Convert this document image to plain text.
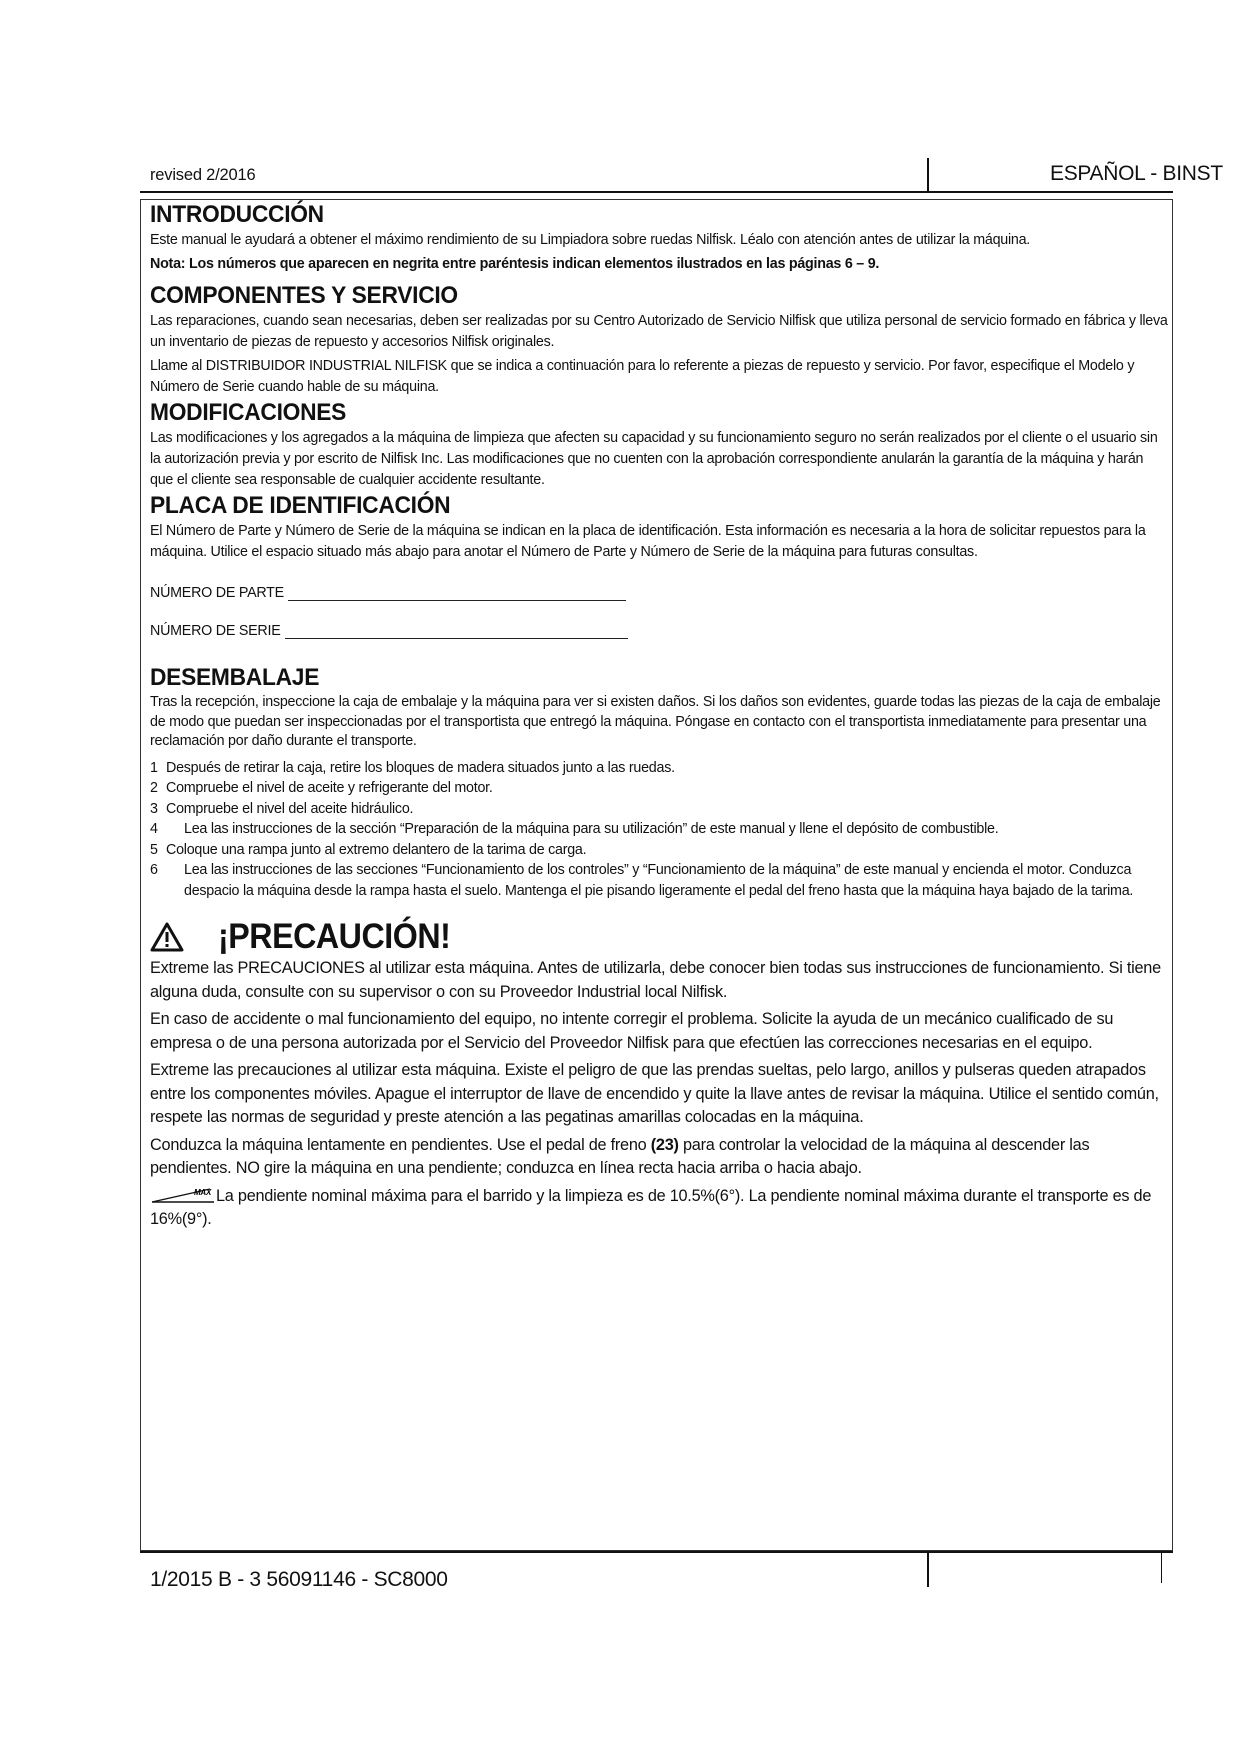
revised 2/2016	ESPAÑOL - BINST
INTRODUCCIÓN

Este manual le ayudará a obtener el máximo rendimiento de su Limpiadora sobre ruedas Nilfisk. Léalo con atención antes de utilizar la máquina.

Nota: Los números que aparecen en negrita entre paréntesis indican elementos ilustrados en las páginas 6 – 9.

COMPONENTES Y SERVICIO

Las reparaciones, cuando sean necesarias, deben ser realizadas por su Centro Autorizado de Servicio Nilfisk que utiliza personal de servicio formado en fábrica y lleva un inventario de piezas de repuesto y accesorios Nilfisk originales.

Llame al DISTRIBUIDOR INDUSTRIAL NILFISK que se indica a continuación para lo referente a piezas de repuesto y servicio. Por favor, especifique el Modelo y Número de Serie cuando hable de su máquina.

MODIFICACIONES

Las modificaciones y los agregados a la máquina de limpieza que afecten su capacidad y su funcionamiento seguro no serán realizados por el cliente o el usuario sin la autorización previa y por escrito de Nilfisk Inc. Las modificaciones que no cuenten con la aprobación correspondiente anularán la garantía de la máquina y harán que el cliente sea responsable de cualquier accidente resultante.

PLACA DE IDENTIFICACIÓN

El Número de Parte y Número de Serie de la máquina se indican en la placa de identificación. Esta información es necesaria a la hora de solicitar repuestos para la máquina. Utilice el espacio situado más abajo para anotar el Número de Parte y Número de Serie de la máquina para futuras consultas.

NÚMERO DE PARTE
NÚMERO DE SERIE
DESEMBALAJE

Tras la recepción, inspeccione la caja de embalaje y la máquina para ver si existen daños. Si los daños son evidentes, guarde todas las piezas de la caja de embalaje de modo que puedan ser inspeccionadas por el transportista que entregó la máquina. Póngase en contacto con el transportista inmediatamente para presentar una reclamación por daño durante el transporte.

1 Después de retirar la caja, retire los bloques de madera situados junto a las ruedas.
2 Compruebe el nivel de aceite y refrigerante del motor.
3 Compruebe el nivel del aceite hidráulico.
4	Lea las instrucciones de la sección “Preparación de la máquina para su utilización” de este manual y llene el depósito de combustible.
5 Coloque una rampa junto al extremo delantero de la tarima de carga.
6	Lea las instrucciones de las secciones “Funcionamiento de los controles” y “Funcionamiento de la máquina” de este manual y encienda el motor. Conduzca despacio la máquina desde la rampa hasta el suelo. Mantenga el pie pisando ligeramente el pedal del freno hasta que la máquina haya bajado de la tarima.
¡PRECAUCIÓN!

Extreme las PRECAUCIONES al utilizar esta máquina. Antes de utilizarla, debe conocer bien todas sus instrucciones de funcionamiento. Si tiene alguna duda, consulte con su supervisor o con su Proveedor Industrial local Nilfisk.

En caso de accidente o mal funcionamiento del equipo, no intente corregir el problema. Solicite la ayuda de un mecánico cualificado de su empresa o de una persona autorizada por el Servicio del Proveedor Nilfisk para que efectúen las correcciones necesarias en el equipo.

Extreme las precauciones al utilizar esta máquina. Existe el peligro de que las prendas sueltas, pelo largo, anillos y pulseras queden atrapados entre los componentes móviles. Apague el interruptor de llave de encendido y quite la llave antes de revisar la máquina. Utilice el sentido común, respete las normas de seguridad y preste atención a las pegatinas amarillas colocadas en la máquina.

Conduzca la máquina lentamente en pendientes. Use el pedal de freno (23) para controlar la velocidad de la máquina al descender las pendientes. NO gire la máquina en una pendiente; conduzca en línea recta hacia arriba o hacia abajo.

MAX La pendiente nominal máxima para el barrido y la limpieza es de 10.5%(6°). La pendiente nominal máxima durante el transporte es de 16%(9°).

1/2015 B - 3 56091146 - SC8000
